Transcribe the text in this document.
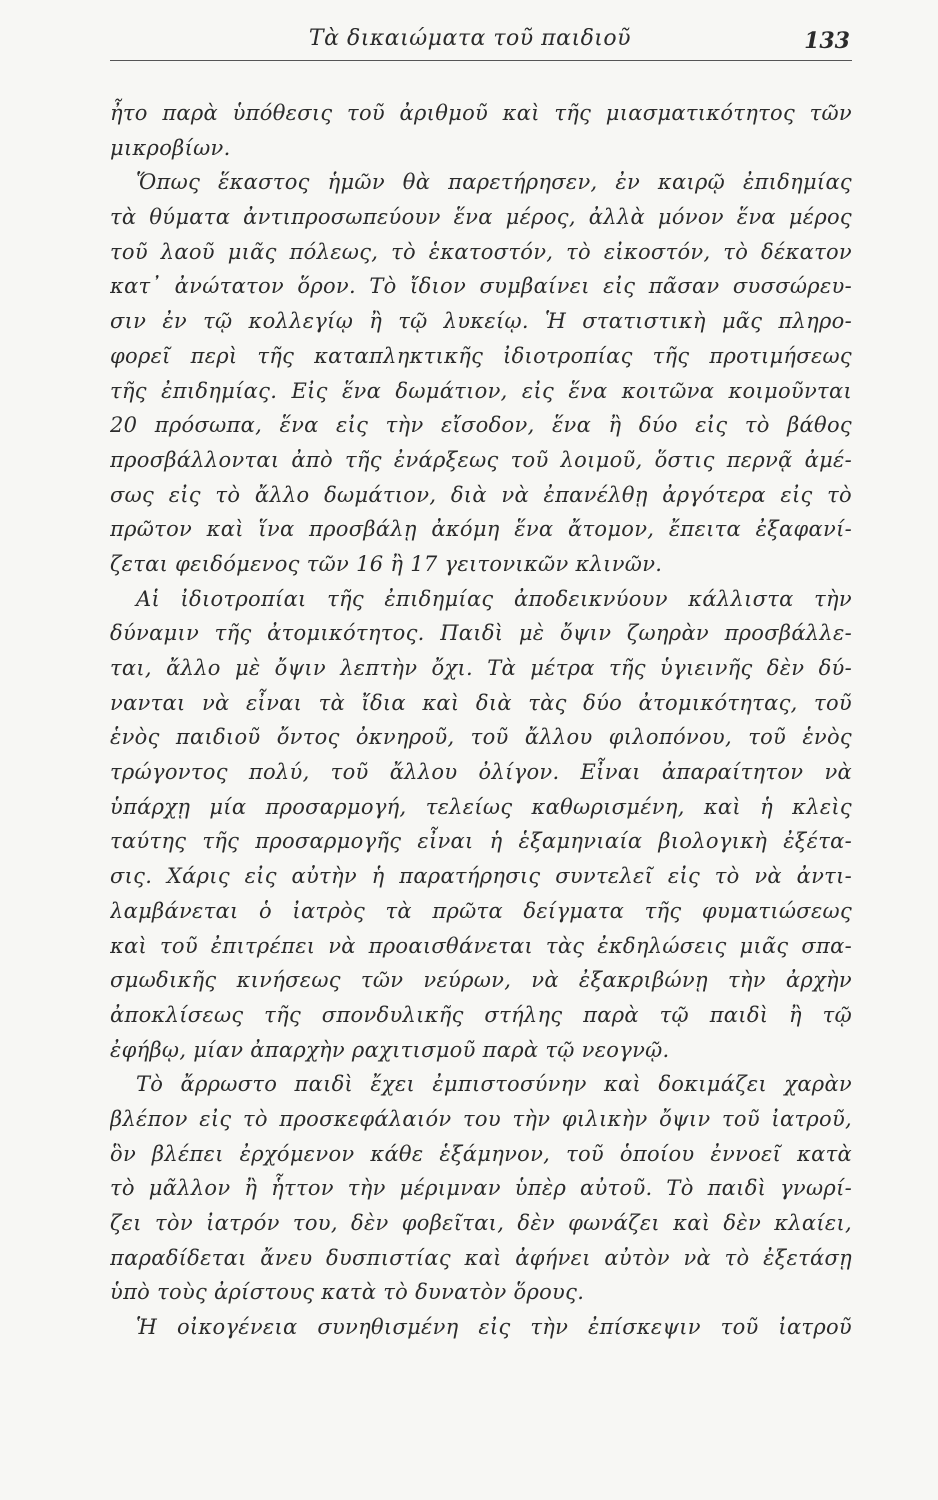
Τὰ δικαιώματα τοῦ παιδιοῦ	133
ἦτο παρὰ ὑπόθεσις τοῦ ἀριθμοῦ καὶ τῆς μιασματικότητος τῶν
μικροβίων.
Ὅπως ἕκαστος ἡμῶν θὰ παρετήρησεν, ἐν καιρῷ ἐπιδημίας
τὰ θύματα ἀντιπροσωπεύουν ἕνα μέρος, ἀλλὰ μόνον ἕνα μέρος
τοῦ λαοῦ μιᾶς πόλεως, τὸ ἑκατοστόν, τὸ εἰκοστόν, τὸ δέκατον
κατ᾽ ἀνώτατον ὅρον. Τὸ ἴδιον συμβαίνει εἰς πᾶσαν συσσώρευ-
σιν ἐν τῷ κολλεγίῳ ἢ τῷ λυκείῳ. Ἡ στατιστικὴ μᾶς πληρο-
φορεῖ περὶ τῆς καταπληκτικῆς ἰδιοτροπίας τῆς προτιμήσεως
τῆς ἐπιδημίας. Εἰς ἕνα δωμάτιον, εἰς ἕνα κοιτῶνα κοιμοῦνται
20 πρόσωπα, ἕνα εἰς τὴν εἴσοδον, ἕνα ἢ δύο εἰς τὸ βάθος
προσβάλλονται ἀπὸ τῆς ἐνάρξεως τοῦ λοιμοῦ, ὅστις περνᾷ ἀμέ-
σως εἰς τὸ ἄλλο δωμάτιον, διὰ νὰ ἐπανέλθῃ ἀργότερα εἰς τὸ
πρῶτον καὶ ἵνα προσβάλῃ ἀκόμη ἕνα ἄτομον, ἔπειτα ἐξαφανί-
ζεται φειδόμενος τῶν 16 ἢ 17 γειτονικῶν κλινῶν.
Αἱ ἰδιοτροπίαι τῆς ἐπιδημίας ἀποδεικνύουν κάλλιστα τὴν
δύναμιν τῆς ἀτομικότητος. Παιδὶ μὲ ὄψιν ζωηρὰν προσβάλλε-
ται, ἄλλο μὲ ὄψιν λεπτὴν ὄχι. Τὰ μέτρα τῆς ὑγιεινῆς δὲν δύ-
νανται νὰ εἶναι τὰ ἴδια καὶ διὰ τὰς δύο ἀτομικότητας, τοῦ
ἑνὸς παιδιοῦ ὄντος ὀκνηροῦ, τοῦ ἄλλου φιλοπόνου, τοῦ ἑνὸς
τρώγοντος πολύ, τοῦ ἄλλου ὀλίγον. Εἶναι ἀπαραίτητον νὰ
ὑπάρχῃ μία προσαρμογή, τελείως καθωρισμένη, καὶ ἡ κλεὶς
ταύτης τῆς προσαρμογῆς εἶναι ἡ ἑξαμηνιαία βιολογικὴ ἐξέτα-
σις. Χάρις εἰς αὐτὴν ἡ παρατήρησις συντελεῖ εἰς τὸ νὰ ἀντι-
λαμβάνεται ὁ ἰατρὸς τὰ πρῶτα δείγματα τῆς φυματιώσεως
καὶ τοῦ ἐπιτρέπει νὰ προαισθάνεται τὰς ἐκδηλώσεις μιᾶς σπα-
σμωδικῆς κινήσεως τῶν νεύρων, νὰ ἐξακριβώνῃ τὴν ἀρχὴν
ἀποκλίσεως τῆς σπονδυλικῆς στήλης παρὰ τῷ παιδὶ ἢ τῷ
ἐφήβῳ, μίαν ἀπαρχὴν ραχιτισμοῦ παρὰ τῷ νεογνῷ.
Τὸ ἄρρωστο παιδὶ ἔχει ἐμπιστοσύνην καὶ δοκιμάζει χαρὰν
βλέπον εἰς τὸ προσκεφάλαιόν του τὴν φιλικὴν ὄψιν τοῦ ἰατροῦ,
ὃν βλέπει ἐρχόμενον κάθε ἑξάμηνον, τοῦ ὁποίου ἐννοεῖ κατὰ
τὸ μᾶλλον ἢ ἧττον τὴν μέριμναν ὑπὲρ αὐτοῦ. Τὸ παιδὶ γνωρί-
ζει τὸν ἰατρόν του, δὲν φοβεῖται, δὲν φωνάζει καὶ δὲν κλαίει,
παραδίδεται ἄνευ δυσπιστίας καὶ ἀφήνει αὐτὸν νὰ τὸ ἐξετάσῃ
ὑπὸ τοὺς ἀρίστους κατὰ τὸ δυνατὸν ὅρους.
Ἡ οἰκογένεια συνηθισμένη εἰς τὴν ἐπίσκεψιν τοῦ ἰατροῦ
